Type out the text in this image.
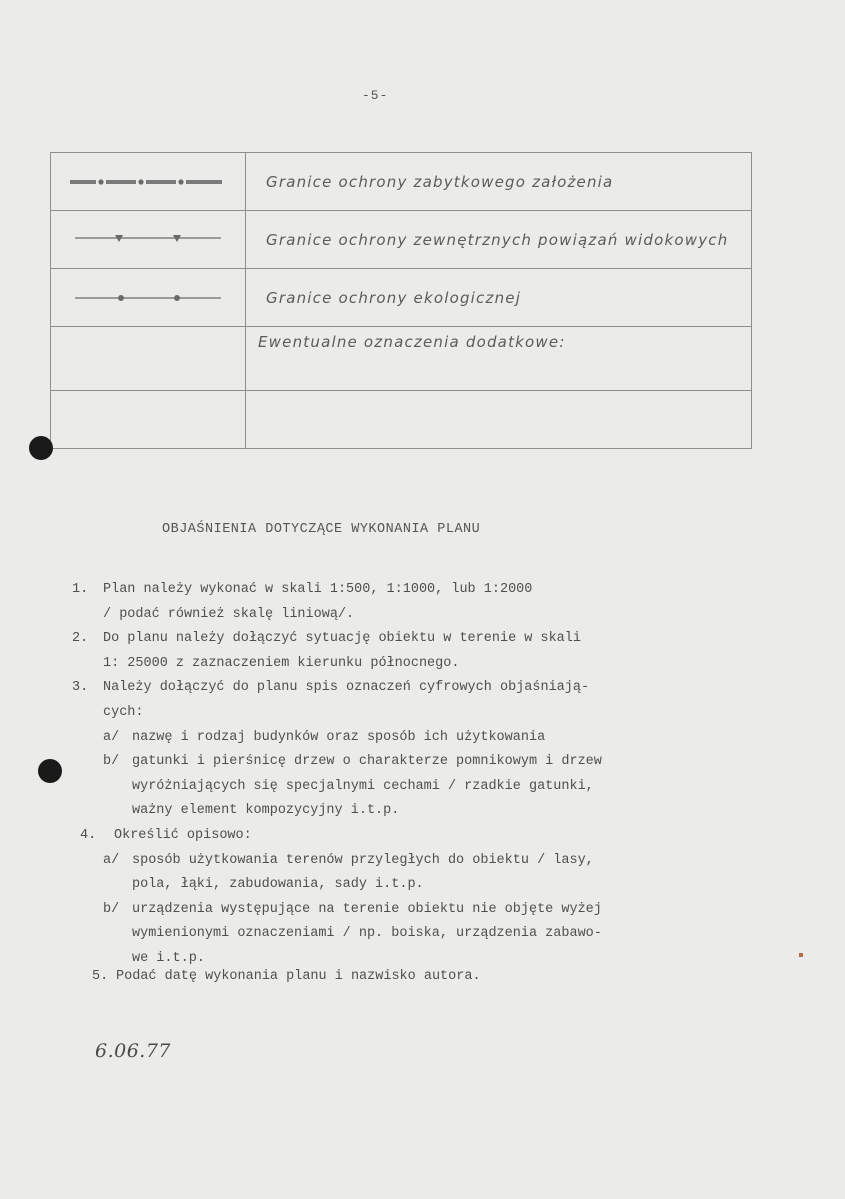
-5-
	Granice ochrony zabytkowego założenia

	Granice ochrony zewnętrznych powiązań widokowych

	Granice ochrony ekologicznej
	Ewentualne oznaczenia dodatkowe:

OBJAŚNIENIA DOTYCZĄCE WYKONANIA PLANU
1. Plan należy wykonać w skali 1:500, 1:1000, lub 1:2000
/ podać również skalę liniową/.
2. Do planu należy dołączyć sytuację obiektu w terenie w skali
1: 25000 z zaznaczeniem kierunku północnego.
3. Należy dołączyć do planu spis oznaczeń cyfrowych objaśniają-
cych:
a/ nazwę i rodzaj budynków oraz sposób ich użytkowania
b/ gatunki i pierśnicę drzew o charakterze pomnikowym i drzew
wyróżniających się specjalnymi cechami / rzadkie gatunki,
ważny element kompozycyjny i.t.p.
4. Określić opisowo:
a/ sposób użytkowania terenów przyległych do obiektu / lasy,
pola, łąki, zabudowania, sady i.t.p.
b/ urządzenia występujące na terenie obiektu nie objęte wyżej
wymienionymi oznaczeniami / np. boiska, urządzenia zabawo-
we i.t.p.
5. Podać datę wykonania planu i nazwisko autora.
6.06.77
